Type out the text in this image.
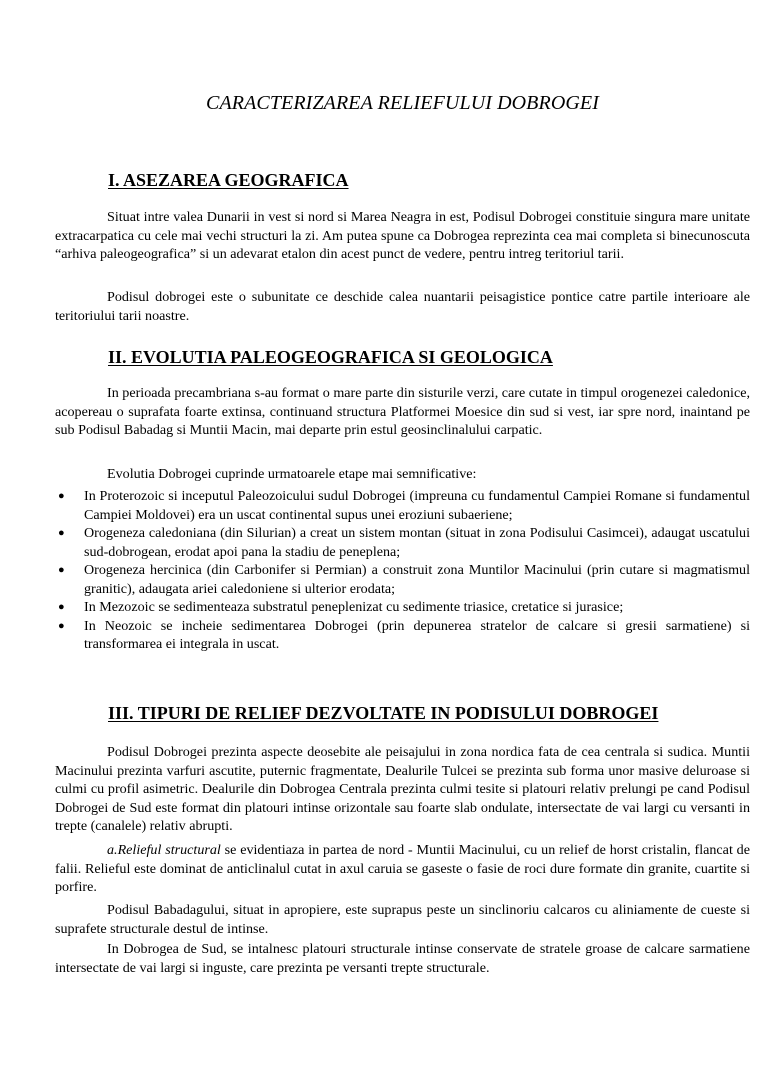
CARACTERIZAREA RELIEFULUI DOBROGEI
I. ASEZAREA GEOGRAFICA

Situat intre valea Dunarii in vest si nord si Marea Neagra in est, Podisul Dobrogei constituie singura mare unitate extracarpatica cu cele mai vechi structuri la zi. Am putea spune ca Dobrogea reprezinta cea mai completa si binecunoscuta “arhiva paleogeografica” si un adevarat etalon din acest punct de vedere, pentru intreg teritoriul tarii.

Podisul dobrogei este o subunitate ce deschide calea nuantarii peisagistice pontice catre partile interioare ale teritoriului tarii noastre.

II. EVOLUTIA PALEOGEOGRAFICA SI GEOLOGICA

In perioada precambriana s-au format o mare parte din sisturile verzi, care cutate in timpul orogenezei caledonice, acopereau o suprafata foarte extinsa, continuand structura Platformei Moesice din sud si vest, iar spre nord, inaintand pe sub Podisul Babadag si Muntii Macin, mai departe prin estul geosinclinalului carpatic.

Evolutia Dobrogei cuprinde urmatoarele etape mai semnificative:

● In Proterozoic si inceputul Paleozoicului sudul Dobrogei (impreuna cu fundamentul Campiei Romane si fundamentul Campiei Moldovei) era un uscat continental supus unei eroziuni subaeriene;
● Orogeneza caledoniana (din Silurian) a creat un sistem montan (situat in zona Podisului Casimcei), adaugat uscatului sud-dobrogean, erodat apoi pana la stadiu de peneplena;
● Orogeneza hercinica (din Carbonifer si Permian) a construit zona Muntilor Macinului (prin cutare si magmatismul granitic), adaugata ariei caledoniene si ulterior erodata;
● In Mezozoic se sedimenteaza substratul peneplenizat cu sedimente triasice, cretatice si jurasice;
● In Neozoic se incheie sedimentarea Dobrogei (prin depunerea stratelor de calcare si gresii sarmatiene) si transformarea ei integrala in uscat.
III. TIPURI DE RELIEF DEZVOLTATE IN PODISULUI DOBROGEI

Podisul Dobrogei prezinta aspecte deosebite ale peisajului in zona nordica fata de cea centrala si sudica. Muntii Macinului prezinta varfuri ascutite, puternic fragmentate, Dealurile Tulcei se prezinta sub forma unor masive deluroase si culmi cu profil asimetric. Dealurile din Dobrogea Centrala prezinta culmi tesite si platouri relativ prelungi pe cand Podisul Dobrogei de Sud este format din platouri intinse orizontale sau foarte slab ondulate, intersectate de vai largi cu versanti in trepte (canalele) relativ abrupti.

a.Relieful structural se evidentiaza in partea de nord - Muntii Macinului, cu un relief de horst cristalin, flancat de falii. Relieful este dominat de anticlinalul cutat in axul caruia se gaseste o fasie de roci dure formate din granite, cuartite si porfire.

Podisul Babadagului, situat in apropiere, este suprapus peste un sinclinoriu calcaros cu aliniamente de cueste si suprafete structurale destul de intinse.

In Dobrogea de Sud, se intalnesc platouri structurale intinse conservate de stratele groase de calcare sarmatiene intersectate de vai largi si inguste, care prezinta pe versanti trepte structurale.
